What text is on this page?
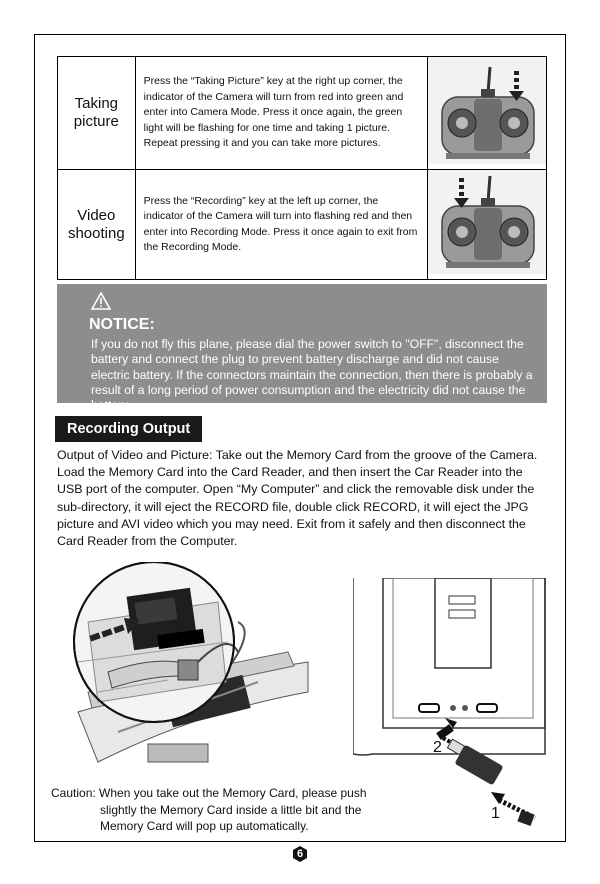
Taking
picture	Press the “Taking Picture” key at the right up corner, the indicator of the Camera will turn from red into green and enter into Camera Mode. Press it once again, the green light will be flashing for one time and taking 1 picture. Repeat pressing it and you can take more pictures.	

Video
shooting	Press the “Recording” key at the left up corner, the indicator of the Camera will turn into flashing red and then enter into Recording Mode. Press it once again to exit from the Recording Mode.	
NOTICE:
If you do not fly this plane, please dial the power switch to "OFF", disconnect the battery and connect the plug to prevent battery discharge and did not cause electric battery. If the connectors maintain the connection, then there is probably a result of a long period of power consumption and the electricity did not cause the battery.
Recording Output
Output of Video and Picture: Take out the Memory Card from the groove of the Camera. Load the Memory Card into the Card Reader, and then insert the Car Reader into the USB port of the computer. Open “My Computer” and click the removable disk under the sub-directory, it will eject the RECORD file, double click RECORD, it will eject the JPG picture and AVI video which you may need. Exit from it safely and then disconnect the Card Reader from the Computer.
2
1
Caution: When you take out the Memory Card, please push
slightly the Memory Card inside a little bit and the
Memory Card will pop up automatically.
6
